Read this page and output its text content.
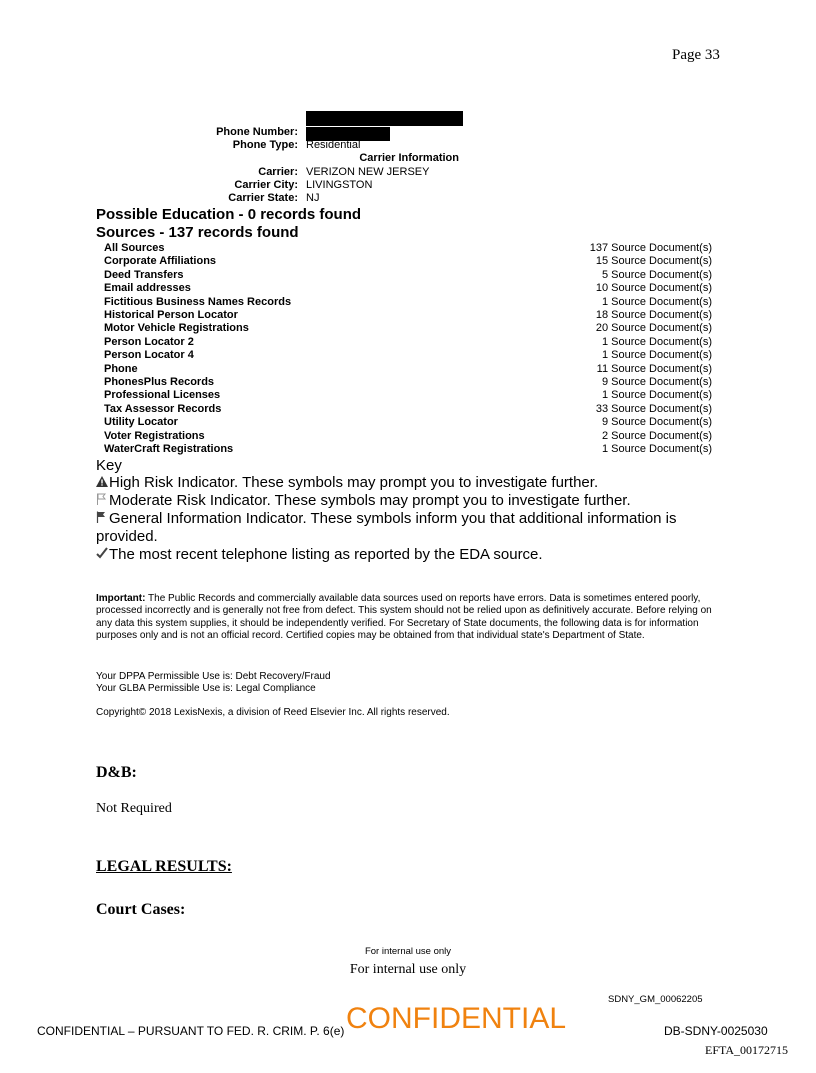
Page 33
Phone Number:
Phone Type: Residential
Carrier Information
Carrier: VERIZON NEW JERSEY
Carrier City: LIVINGSTON
Carrier State: NJ
Possible Education - 0 records found
Sources - 137 records found
All Sources	137 Source Document(s)
Corporate Affiliations	15 Source Document(s)
Deed Transfers	5 Source Document(s)
Email addresses	10 Source Document(s)
Fictitious Business Names Records	1 Source Document(s)
Historical Person Locator	18 Source Document(s)
Motor Vehicle Registrations	20 Source Document(s)
Person Locator 2	1 Source Document(s)
Person Locator 4	1 Source Document(s)
Phone	11 Source Document(s)
PhonesPlus Records	9 Source Document(s)
Professional Licenses	1 Source Document(s)
Tax Assessor Records	33 Source Document(s)
Utility Locator	9 Source Document(s)
Voter Registrations	2 Source Document(s)
WaterCraft Registrations	1 Source Document(s)
Key
High Risk Indicator. These symbols may prompt you to investigate further.
Moderate Risk Indicator. These symbols may prompt you to investigate further.
General Information Indicator. These symbols inform you that additional information is provided.
The most recent telephone listing as reported by the EDA source.
Important: The Public Records and commercially available data sources used on reports have errors. Data is sometimes entered poorly, processed incorrectly and is generally not free from defect. This system should not be relied upon as definitively accurate. Before relying on any data this system supplies, it should be independently verified. For Secretary of State documents, the following data is for information purposes only and is not an official record. Certified copies may be obtained from that individual state's Department of State.
Your DPPA Permissible Use is: Debt Recovery/Fraud
Your GLBA Permissible Use is: Legal Compliance
Copyright© 2018 LexisNexis, a division of Reed Elsevier Inc. All rights reserved.
D&B:
Not Required
LEGAL RESULTS:
Court Cases:
For internal use only
For internal use only
SDNY_GM_00062205
CONFIDENTIAL – PURSUANT TO FED. R. CRIM. P. 6(e) CONFIDENTIAL	DB-SDNY-0025030
EFTA_00172715
